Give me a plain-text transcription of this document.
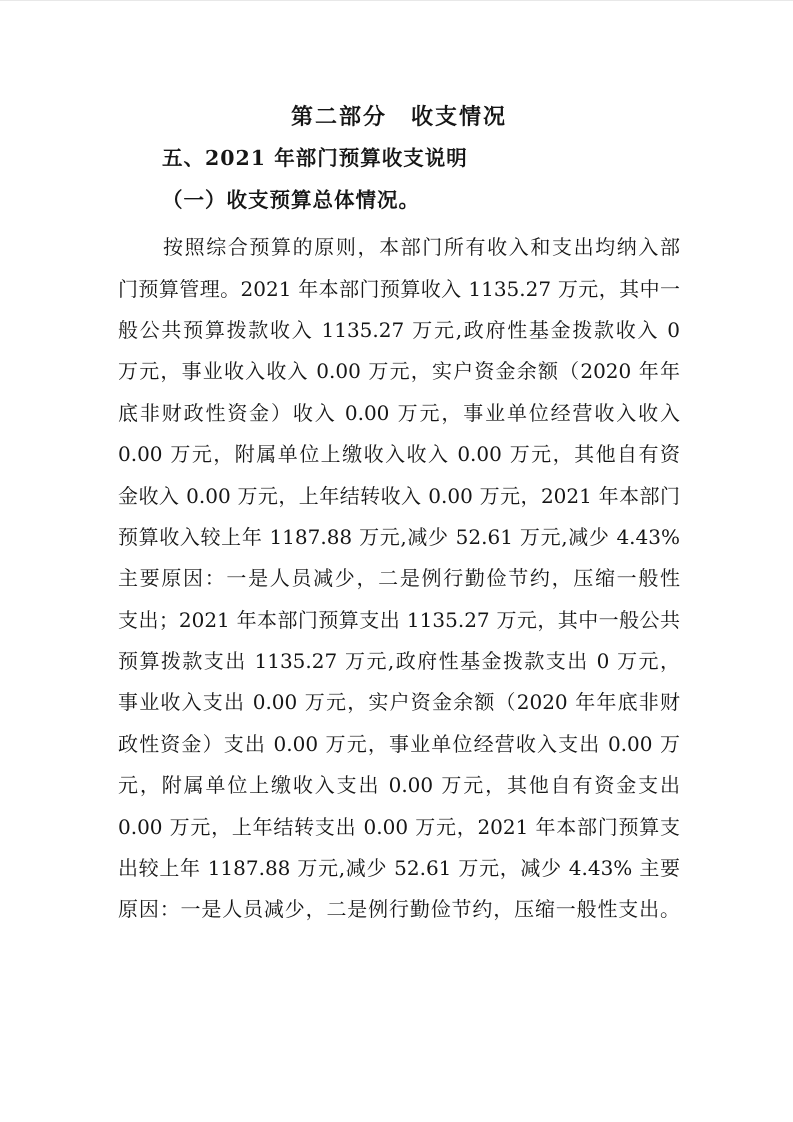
第二部分　收支情况
五、2021 年部门预算收支说明
（一）收支预算总体情况。
按照综合预算的原则，本部门所有收入和支出均纳入部
门预算管理。2021 年本部门预算收入 1135.27 万元，其中一
般公共预算拨款收入 1135.27 万元,政府性基金拨款收入 0
万元，事业收入收入 0.00 万元，实户资金余额（2020 年年
底非财政性资金）收入 0.00 万元，事业单位经营收入收入
0.00 万元，附属单位上缴收入收入 0.00 万元，其他自有资
金收入 0.00 万元，上年结转收入 0.00 万元，2021 年本部门
预算收入较上年 1187.88 万元,减少 52.61 万元,减少 4.43%
主要原因：一是人员减少，二是例行勤俭节约，压缩一般性
支出；2021 年本部门预算支出 1135.27 万元，其中一般公共
预算拨款支出 1135.27 万元,政府性基金拨款支出 0 万元，
事业收入支出 0.00 万元，实户资金余额（2020 年年底非财
政性资金）支出 0.00 万元，事业单位经营收入支出 0.00 万
元，附属单位上缴收入支出 0.00 万元，其他自有资金支出
0.00 万元，上年结转支出 0.00 万元，2021 年本部门预算支
出较上年 1187.88 万元,减少 52.61 万元，减少 4.43% 主要
原因：一是人员减少，二是例行勤俭节约，压缩一般性支出。
